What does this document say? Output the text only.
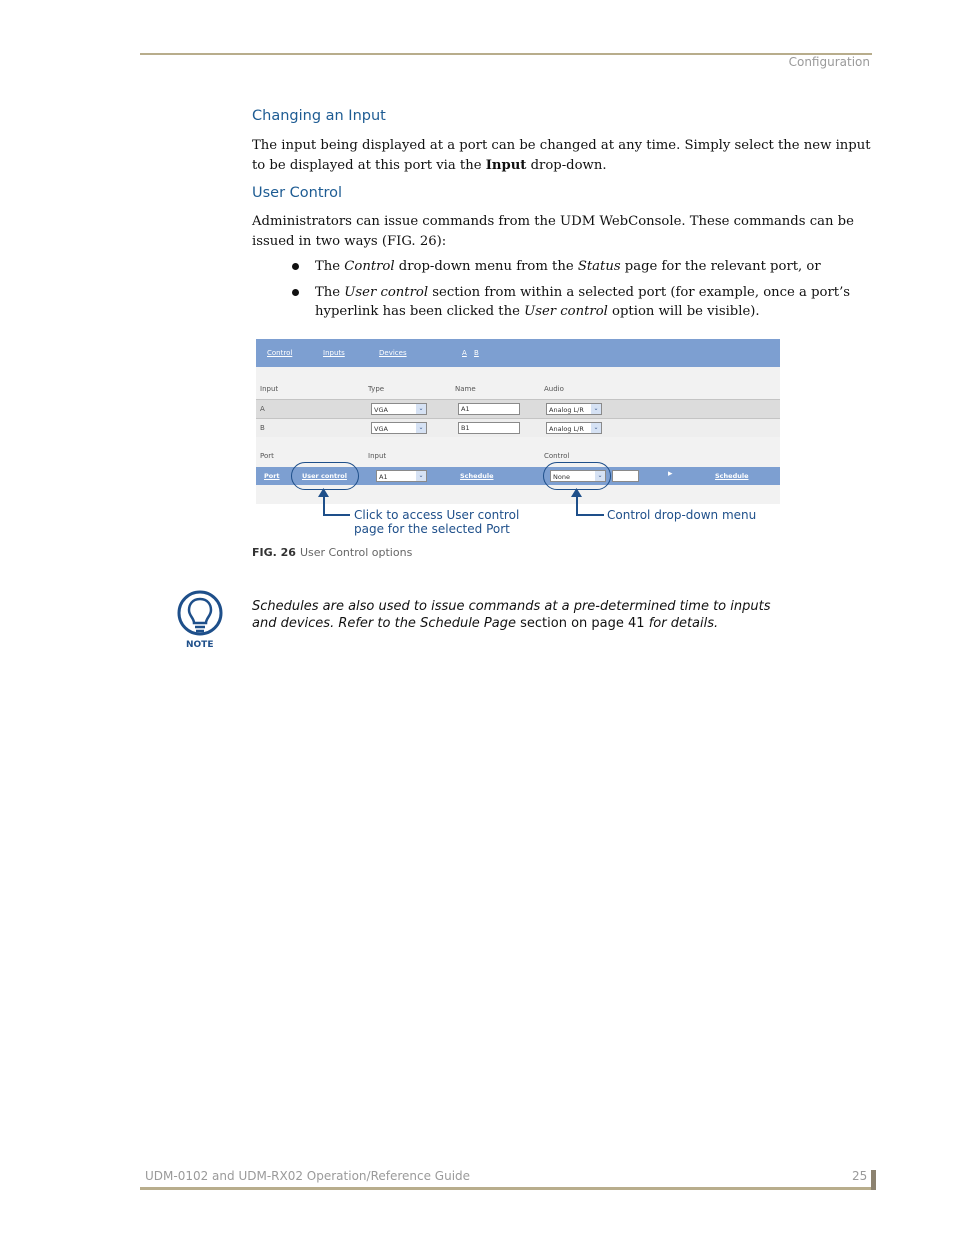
Configuration
Changing an Input

The input being displayed at a port can be changed at any time. Simply select the new input to be displayed at this port via the Input drop-down.

User Control

Administrators can issue commands from the UDM WebConsole. These commands can be issued in two ways (FIG. 26):

The Control drop-down menu from the Status page for the relevant port, or
The User control section from within a selected port (for example, once a port’s hyperlink has been clicked the User control option will be visible).
Control	Inputs	Devices	A B
Input	Type	Name	Audio
A	VGA	⌄	A1	Analog L/R	⌄
B	VGA	⌄	B1	Analog L/R	⌄
Port	Input	Control
Port	User control	A1	⌄	Schedule	None	⌄	▸	Schedule
Click to access User control
page for the selected Port
Control drop-down menu
FIG. 26 User Control options
NOTE
Schedules are also used to issue commands at a pre-determined time to inputs and devices. Refer to the Schedule Page section on page 41 for details.
UDM-0102 and UDM-RX02 Operation/Reference Guide	25
